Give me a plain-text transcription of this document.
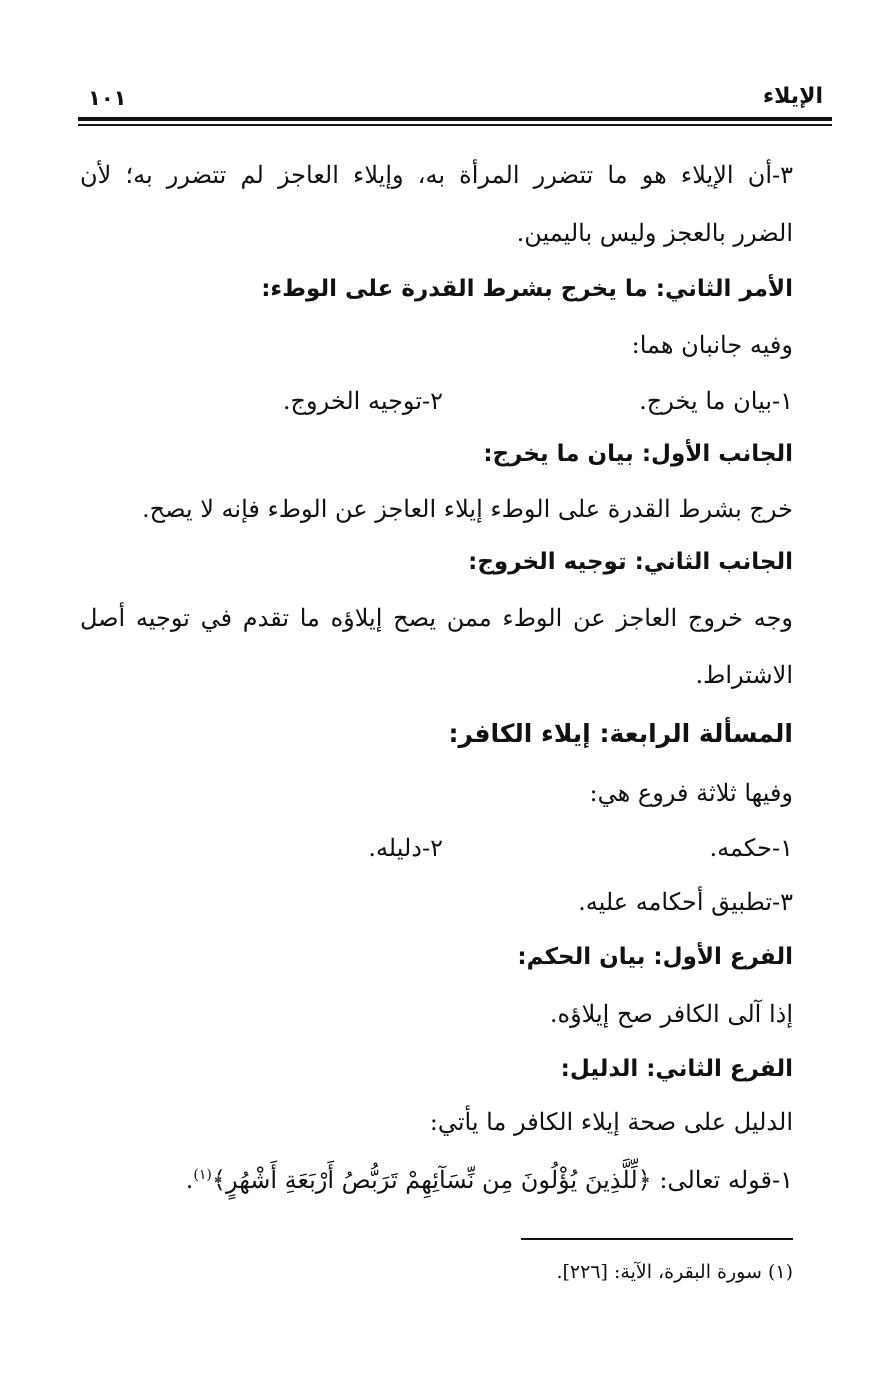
الإيلاء
١٠١
٣-أن الإيلاء هو ما تتضرر المرأة به، وإيلاء العاجز لم تتضرر به؛ لأن
الضرر بالعجز وليس باليمين.
الأمر الثاني: ما يخرج بشرط القدرة على الوطء:
وفيه جانبان هما:
١-بيان ما يخرج.
٢-توجيه الخروج.
الجانب الأول: بيان ما يخرج:
خرج بشرط القدرة على الوطء إيلاء العاجز عن الوطء فإنه لا يصح.
الجانب الثاني: توجيه الخروج:
وجه خروج العاجز عن الوطء ممن يصح إيلاؤه ما تقدم في توجيه أصل
الاشتراط.
المسألة الرابعة: إيلاء الكافر:
وفيها ثلاثة فروع هي:
١-حكمه.
٢-دليله.
٣-تطبيق أحكامه عليه.
الفرع الأول: بيان الحكم:
إذا آلى الكافر صح إيلاؤه.
الفرع الثاني: الدليل:
الدليل على صحة إيلاء الكافر ما يأتي:
١-قوله تعالى: ﴿لِّلَّذِينَ يُؤْلُونَ مِن نِّسَآئِهِمْ تَرَبُّصُ أَرْبَعَةِ أَشْهُرٍ﴾$^{(١)}$.
(١) سورة البقرة، الآية: [٢٢٦].
